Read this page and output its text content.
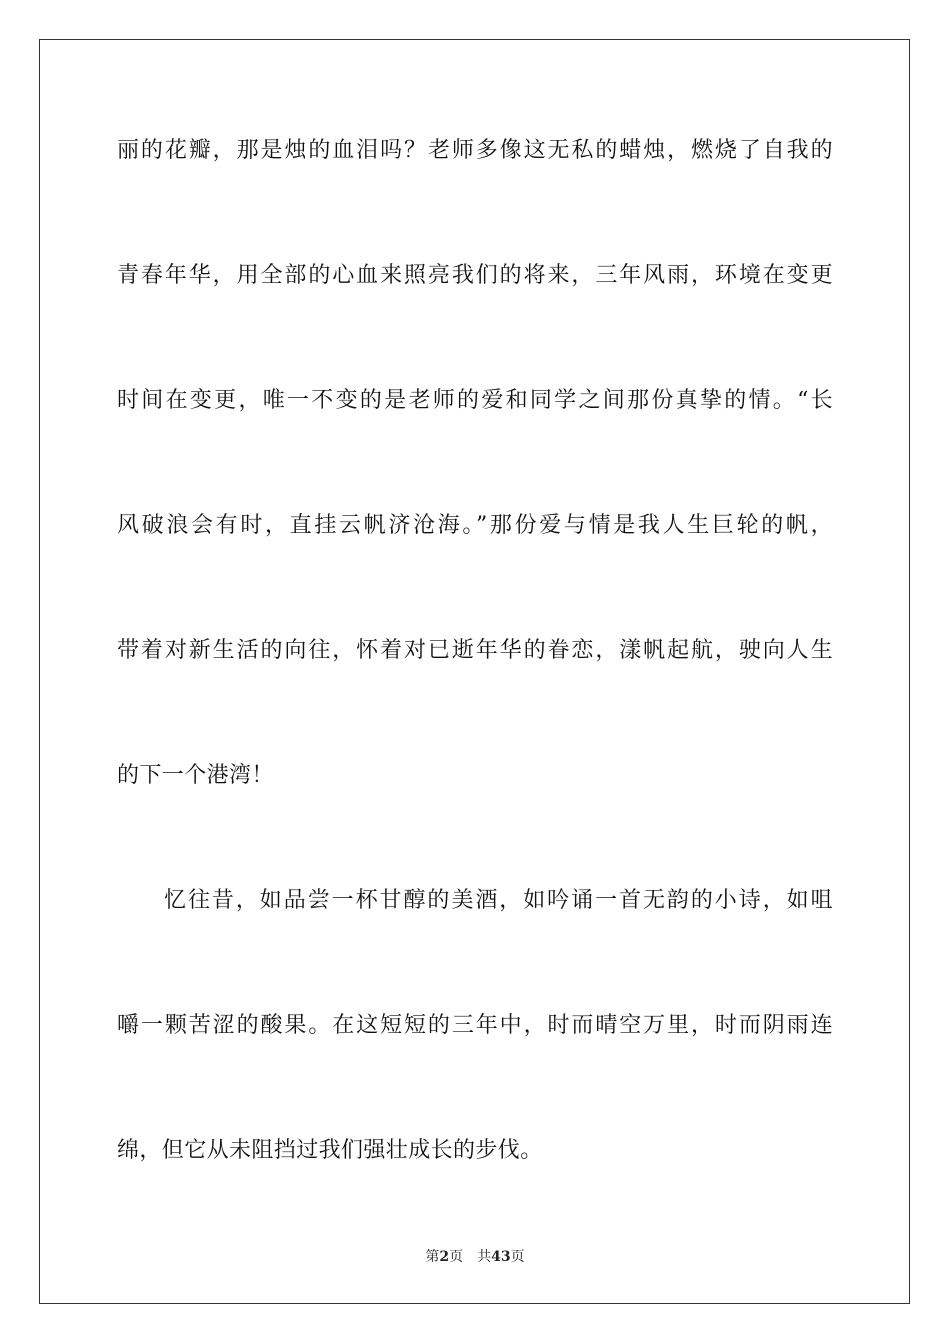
丽的花瓣，那是烛的血泪吗？老师多像这无私的蜡烛，燃烧了自我的
青春年华，用全部的心血来照亮我们的将来，三年风雨，环境在变更
时间在变更，唯一不变的是老师的爱和同学之间那份真挚的情。“长
风破浪会有时，直挂云帆济沧海。”那份爱与情是我人生巨轮的帆，
带着对新生活的向往，怀着对已逝年华的眷恋，漾帆起航，驶向人生
的下一个港湾！
忆往昔，如品尝一杯甘醇的美酒，如吟诵一首无韵的小诗，如咀
嚼一颗苦涩的酸果。在这短短的三年中，时而晴空万里，时而阴雨连
绵，但它从未阻挡过我们强壮成长的步伐。
第2页 共43页
